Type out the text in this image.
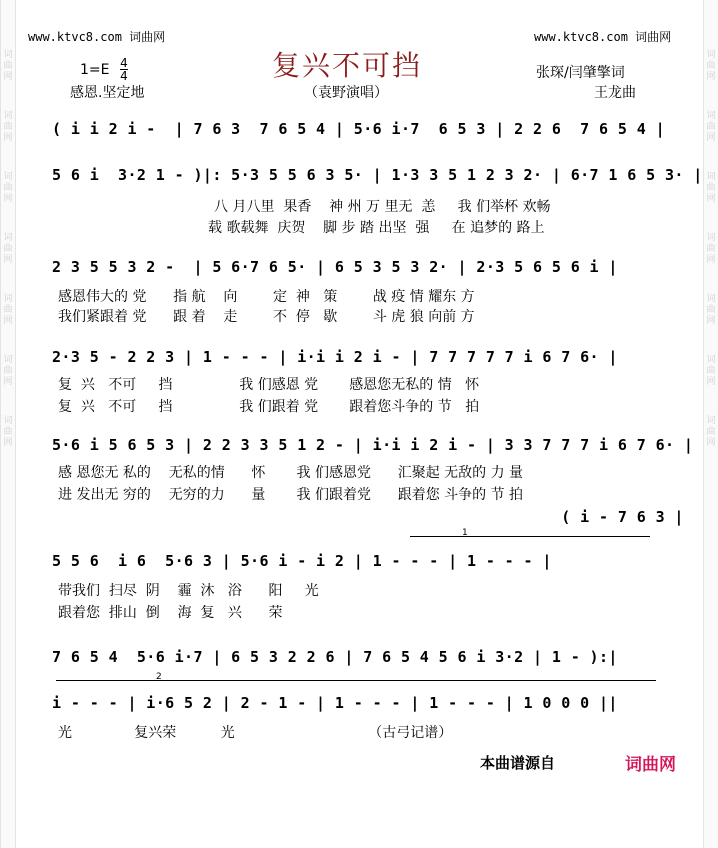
词
曲
网
词
曲
网
词
曲
网
词
曲
网
词
曲
网
词
曲
网
词
曲
网
词
曲
网
词
曲
网
词
曲
网
词
曲
网
词
曲
网
词
曲
网
词
曲
网
www.ktvc8.com 词曲网	www.ktvc8.com 词曲网
复兴不可挡
1=E 4
4
感恩.坚定地	（袁野演唱）
张琛/闫肇擎词
王龙曲
( i i 2 i -  | 7 6 3  7 6 5 4 | 5·6 i·7  6 5 3 | 2 2 6  7 6 5 4 |
5 6 i  3·2 1 - )|: 5·3 5 5 6 3 5· | 1·3 3 5 1 2 3 2· | 6·7 1 6 5 3· |
八 月八里  果香    神 州 万 里无  恙     我 们举杯 欢畅
载 歌载舞  庆贺    脚 步 踏 出坚  强     在 追梦的 路上
2 3 5 5 3 2 -  | 5 6·7 6 5· | 6 5 3 5 3 2· | 2·3 5 6 5 6 i |
感恩伟大的 党      指 航    向        定  神   策        战 疫 情 耀东 方
我们紧跟着 党      跟 着    走        不  停   歇        斗 虎 狼 向前 方
2·3 5 - 2 2 3 | 1 - - - | i·i i 2 i - | 7 7 7 7 7 i 6 7 6· |
复  兴   不可     挡               我 们感恩 党       感恩您无私的 情   怀
复  兴   不可     挡               我 们跟着 党       跟着您斗争的 节   拍
5·6 i 5 6 5 3 | 2 2 3 3 5 1 2 - | i·i i 2 i - | 3 3 7 7 7 i 6 7 6· |
感 恩您无 私的    无私的情      怀       我 们感恩党      汇聚起 无敌的 力 量
进 发出无 穷的    无穷的力      量       我 们跟着党      跟着您 斗争的 节 拍
( i - 7 6 3 |
1
5 5 6  i 6  5·6 3 | 5·6 i - i 2 | 1 - - - | 1 - - - |
带我们  扫尽  阴    霾  沐   浴      阳     光
跟着您  排山  倒    海  复   兴      荣
7 6 5 4  5·6 i·7 | 6 5 3 2 2 6 | 7 6 5 4 5 6 i 3·2 | 1 - ):|
2
i - - - | i·6 5 2 | 2 - 1 - | 1 - - - | 1 - - - | 1 0 0 0 ||
光              复兴荣          光                              （古弓记谱）
本曲谱源自	词曲网
